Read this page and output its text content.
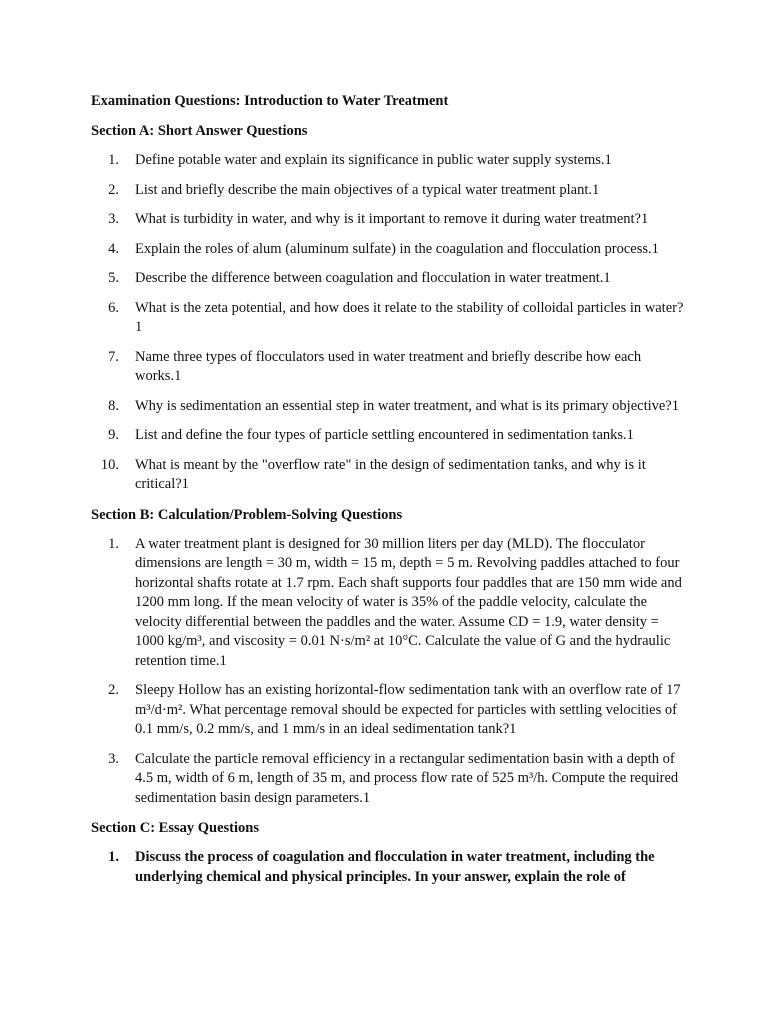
Examination Questions: Introduction to Water Treatment
Section A: Short Answer Questions
1.	Define potable water and explain its significance in public water supply systems.1
2.	List and briefly describe the main objectives of a typical water treatment plant.1
3.	What is turbidity in water, and why is it important to remove it during water treatment?1
4.	Explain the roles of alum (aluminum sulfate) in the coagulation and flocculation process.1
5.	Describe the difference between coagulation and flocculation in water treatment.1
6.	What is the zeta potential, and how does it relate to the stability of colloidal particles in water?1
7.	Name three types of flocculators used in water treatment and briefly describe how each works.1
8.	Why is sedimentation an essential step in water treatment, and what is its primary objective?1
9.	List and define the four types of particle settling encountered in sedimentation tanks.1
10.	What is meant by the "overflow rate" in the design of sedimentation tanks, and why is it critical?1
Section B: Calculation/Problem-Solving Questions
1.	A water treatment plant is designed for 30 million liters per day (MLD). The flocculator dimensions are length = 30 m, width = 15 m, depth = 5 m. Revolving paddles attached to four horizontal shafts rotate at 1.7 rpm. Each shaft supports four paddles that are 150 mm wide and 1200 mm long. If the mean velocity of water is 35% of the paddle velocity, calculate the velocity differential between the paddles and the water. Assume CD = 1.9, water density = 1000 kg/m³, and viscosity = 0.01 N·s/m² at 10°C. Calculate the value of G and the hydraulic retention time.1
2.	Sleepy Hollow has an existing horizontal-flow sedimentation tank with an overflow rate of 17 m³/d·m². What percentage removal should be expected for particles with settling velocities of 0.1 mm/s, 0.2 mm/s, and 1 mm/s in an ideal sedimentation tank?1
3.	Calculate the particle removal efficiency in a rectangular sedimentation basin with a depth of 4.5 m, width of 6 m, length of 35 m, and process flow rate of 525 m³/h. Compute the required sedimentation basin design parameters.1
Section C: Essay Questions
1.	Discuss the process of coagulation and flocculation in water treatment, including the underlying chemical and physical principles. In your answer, explain the role of
